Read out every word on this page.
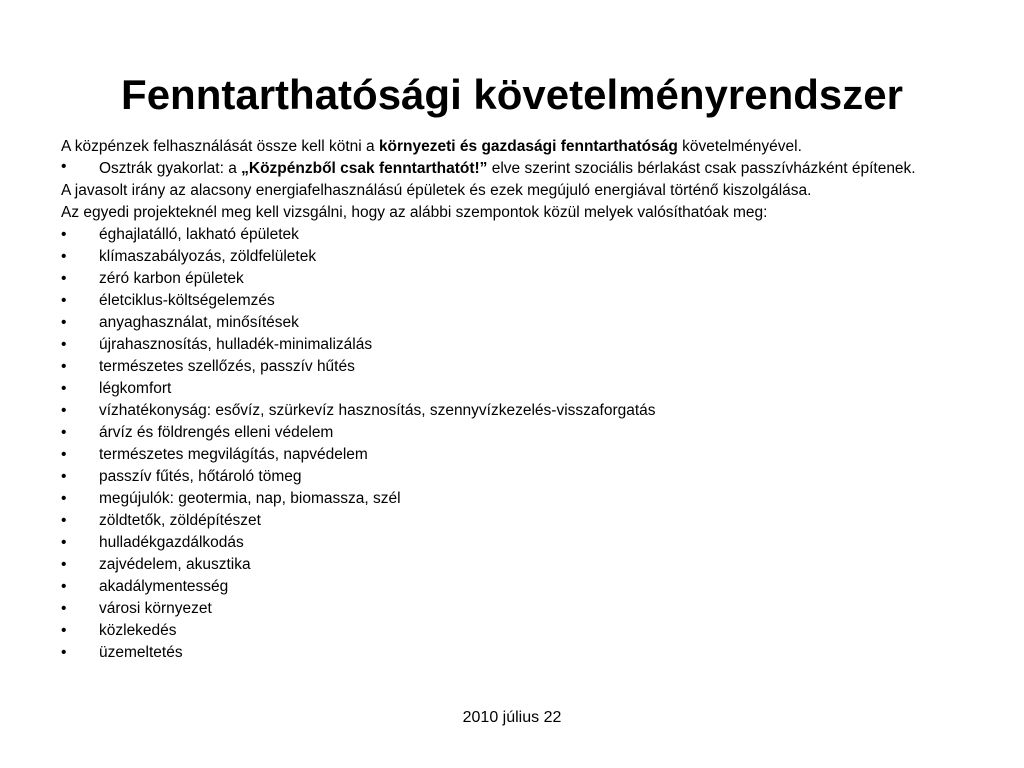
Fenntarthatósági követelményrendszer

A közpénzek felhasználását össze kell kötni a környezeti és gazdasági fenntarthatóság követelményével.

• Osztrák gyakorlat: a „Közpénzből csak fenntarthatót!” elve szerint szociális bérlakást csak passzívházként építenek.

A javasolt irány az alacsony energiafelhasználású épületek és ezek megújuló energiával történő kiszolgálása.

Az egyedi projekteknél meg kell vizsgálni, hogy az alábbi szempontok közül melyek valósíthatóak meg:

• éghajlatálló, lakható épületek
• klímaszabályozás, zöldfelületek
• zéró karbon épületek
• életciklus-költségelemzés
• anyaghasználat, minősítések
• újrahasznosítás, hulladék-minimalizálás
• természetes szellőzés, passzív hűtés
• légkomfort
• vízhatékonyság: esővíz, szürkevíz hasznosítás, szennyvízkezelés-visszaforgatás
• árvíz és földrengés elleni védelem
• természetes megvilágítás, napvédelem
• passzív fűtés, hőtároló tömeg
• megújulók: geotermia, nap, biomassza, szél
• zöldtetők, zöldépítészet
• hulladékgazdálkodás
• zajvédelem, akusztika
• akadálymentesség
• városi környezet
• közlekedés
• üzemeltetés
2010 július 22
